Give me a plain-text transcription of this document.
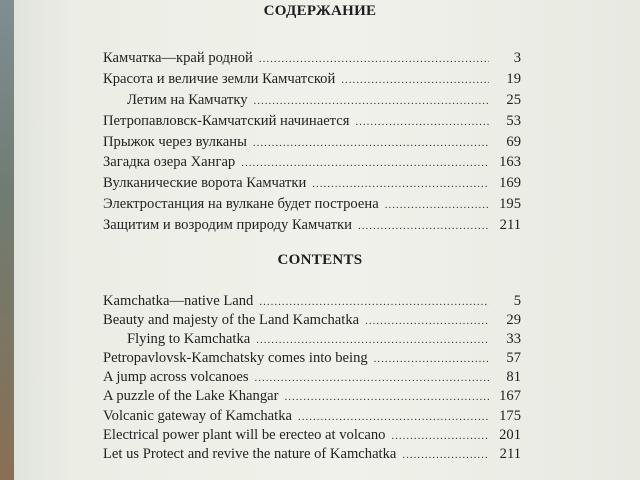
СОДЕРЖАНИЕ
Камчатка—край родной .....	3
Красота и величие земли Камчатской .....	19
Летим на Камчатку .....	25
Петропавловск-Камчатский начинается .....	53
Прыжок через вулканы .....	69
Загадка озера Хангар .....	163
Вулканические ворота Камчатки .....	169
Электростанция на вулкане будет построена .....	195
Защитим и возродим природу Камчатки .....	211
CONTENTS
Kamchatka—native Land .....	5
Beauty and majesty of the Land Kamchatka .....	29
Flying to Kamchatka .....	33
Petropavlovsk-Kamchatsky comes into being .....	57
A jump across volcanoes .....	81
A puzzle of the Lake Khangar .....	167
Volcanic gateway of Kamchatka .....	175
Electrical power plant will be erecteo at volcano .....	201
Let us Protect and revive the nature of Kamchatka .....	211
